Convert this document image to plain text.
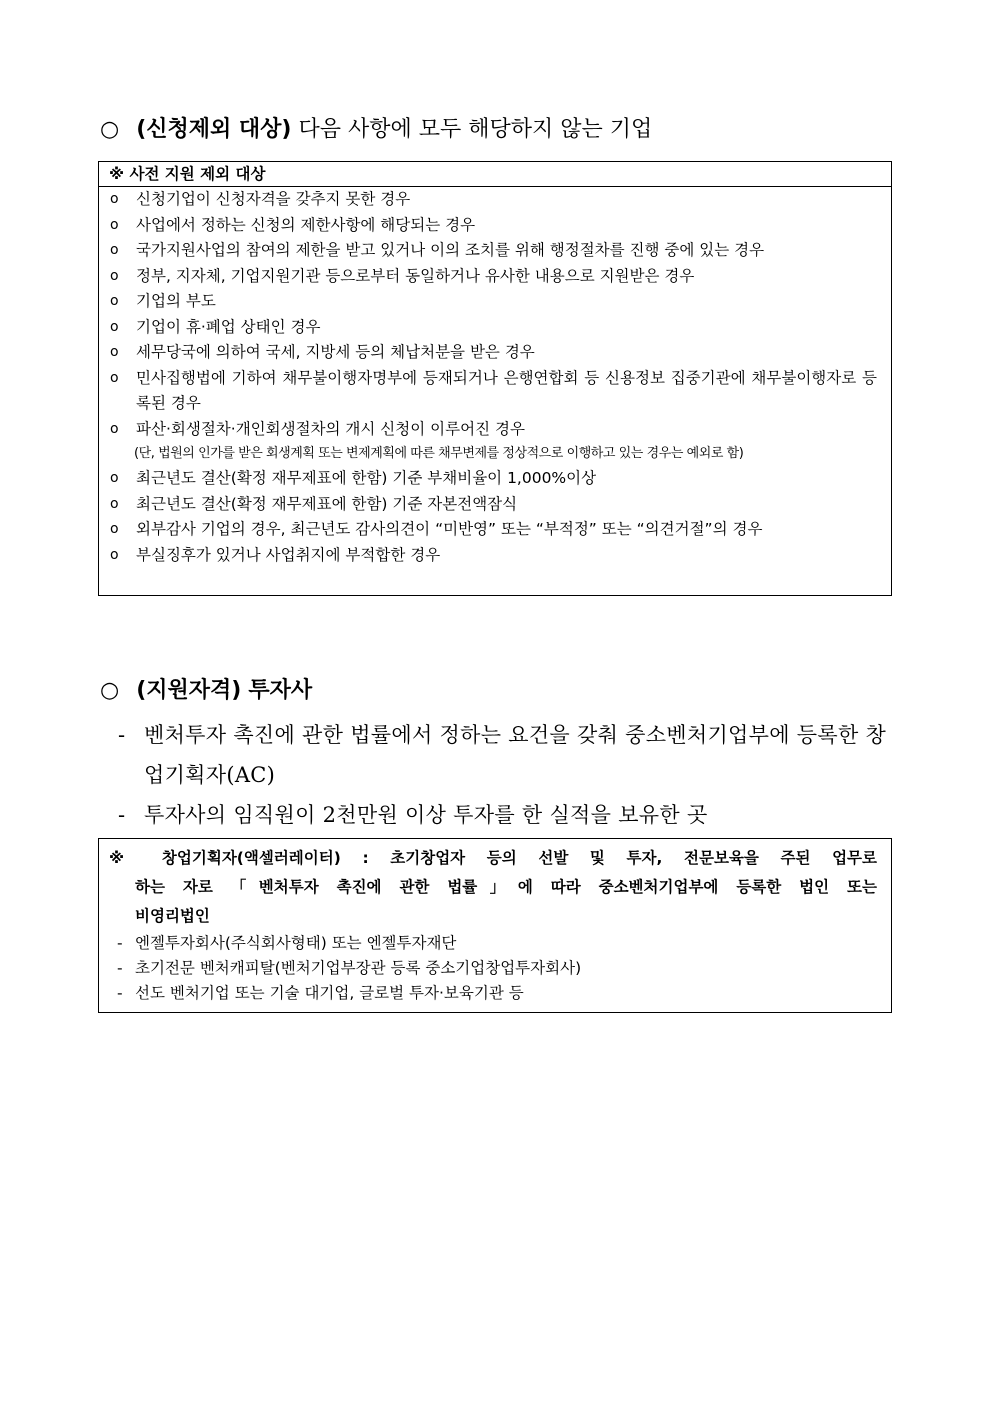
○ (신청제외 대상) 다음 사항에 모두 해당하지 않는 기업
※ 사전 지원 제외 대상
o 신청기업이 신청자격을 갖추지 못한 경우
o 사업에서 정하는 신청의 제한사항에 해당되는 경우
o 국가지원사업의 참여의 제한을 받고 있거나 이의 조치를 위해 행정절차를 진행 중에 있는 경우
o 정부, 지자체, 기업지원기관 등으로부터 동일하거나 유사한 내용으로 지원받은 경우
o 기업의 부도
o 기업이 휴·폐업 상태인 경우
o 세무당국에 의하여 국세, 지방세 등의 체납처분을 받은 경우
o 민사집행법에 기하여 채무불이행자명부에 등재되거나 은행연합회 등 신용정보 집중기관에 채무불이행자로 등록된 경우
o 파산·회생절차·개인회생절차의 개시 신청이 이루어진 경우
(단, 법원의 인가를 받은 회생계획 또는 변제계획에 따른 채무변제를 정상적으로 이행하고 있는 경우는 예외로 함)
o 최근년도 결산(확정 재무제표에 한함) 기준 부채비율이 1,000%이상
o 최근년도 결산(확정 재무제표에 한함) 기준 자본전액잠식
o 외부감사 기업의 경우, 최근년도 감사의견이 “미반영” 또는 “부적정” 또는 “의견거절”의 경우
o 부실징후가 있거나 사업취지에 부적합한 경우
○ (지원자격) 투자사
- 벤처투자 촉진에 관한 법률에서 정하는 요건을 갖춰 중소벤처기업부에 등록한 창업기획자(AC)
- 투자사의 임직원이 2천만원 이상 투자를 한 실적을 보유한 곳
※ 창업기획자(액셀러레이터) : 초기창업자 등의 선발 및 투자, 전문보육을 주된 업무로
하는 자로 「벤처투자 촉진에 관한 법률」에 따라 중소벤처기업부에 등록한 법인 또는
비영리법인
- 엔젤투자회사(주식회사형태) 또는 엔젤투자재단
- 초기전문 벤처캐피탈(벤처기업부장관 등록 중소기업창업투자회사)
- 선도 벤처기업 또는 기술 대기업, 글로벌 투자·보육기관 등
